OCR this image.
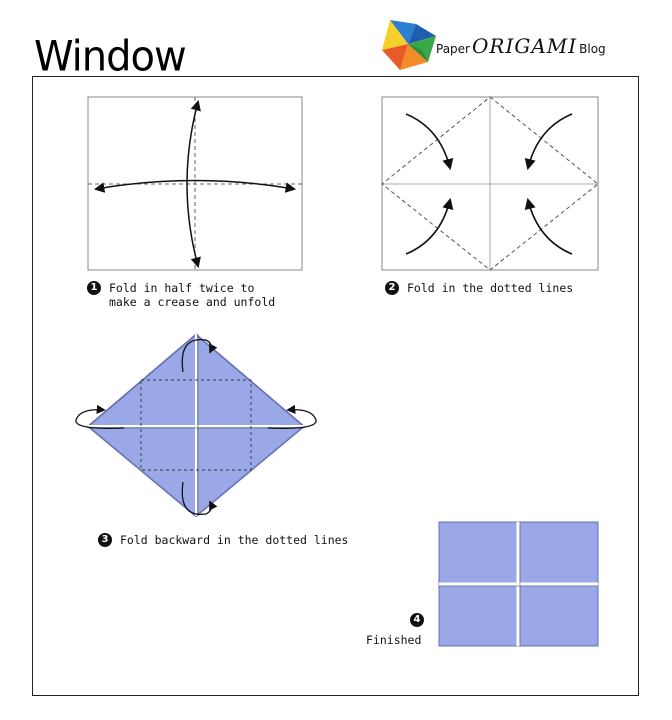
Window	Paper ORIGAMI Blog
1 Fold in half twice to
make a crease and unfold
2 Fold in the dotted lines
3 Fold backward in the dotted lines
4
Finished
